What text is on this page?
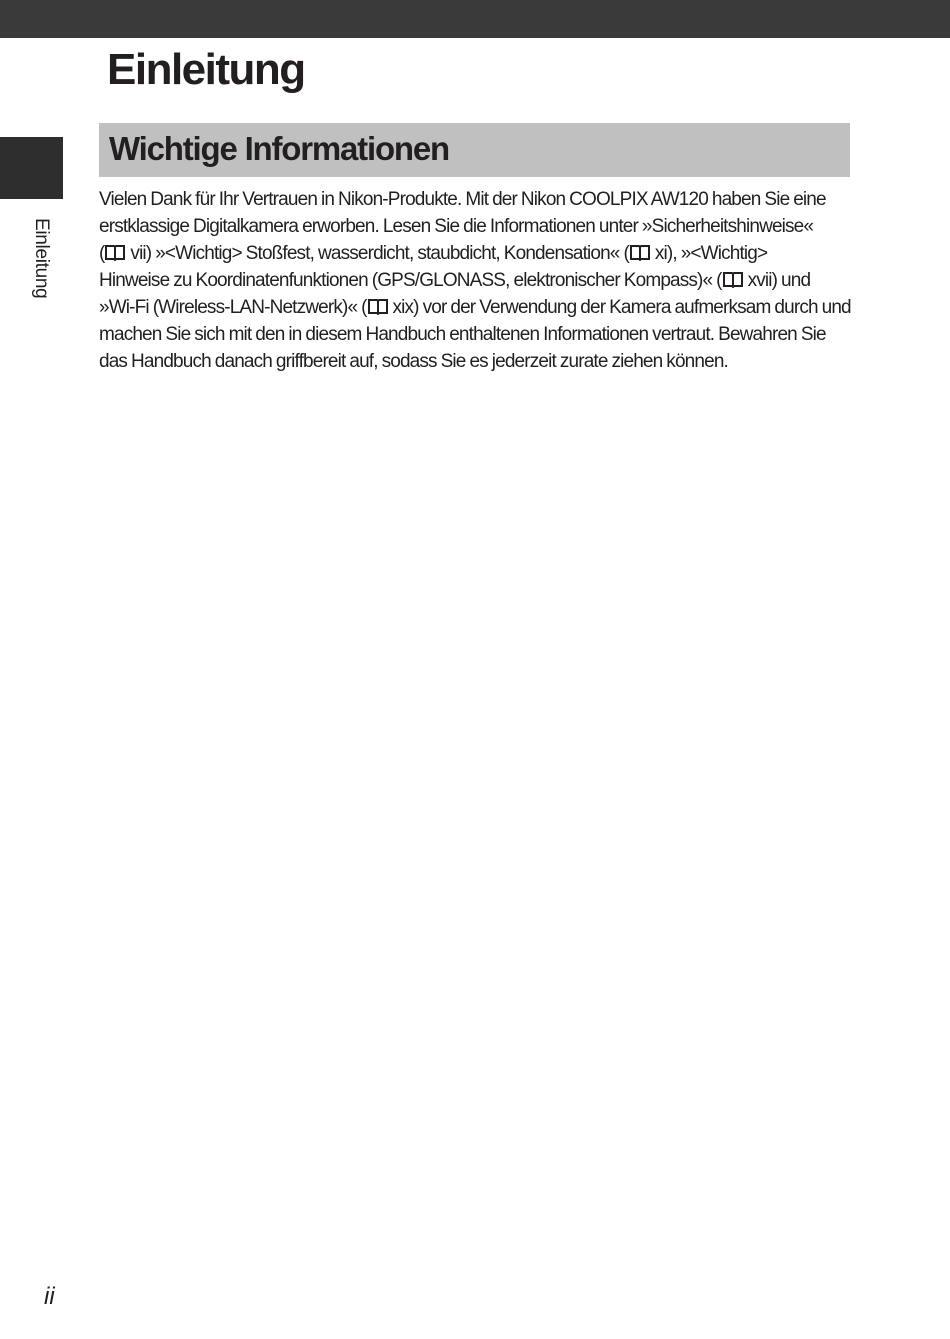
Einleitung
Einleitung
Wichtige Informationen

Vielen Dank für Ihr Vertrauen in Nikon-Produkte. Mit der Nikon COOLPIX AW120 haben Sie eine
erstklassige Digitalkamera erworben. Lesen Sie die Informationen unter »Sicherheitshinweise«
( vii) »<Wichtig> Stoßfest, wasserdicht, staubdicht, Kondensation« ( xi), »<Wichtig>
Hinweise zu Koordinatenfunktionen (GPS/GLONASS, elektronischer Kompass)« ( xvii) und
»Wi-Fi (Wireless-LAN-Netzwerk)« ( xix) vor der Verwendung der Kamera aufmerksam durch und
machen Sie sich mit den in diesem Handbuch enthaltenen Informationen vertraut. Bewahren Sie
das Handbuch danach griffbereit auf, sodass Sie es jederzeit zurate ziehen können.

ii
